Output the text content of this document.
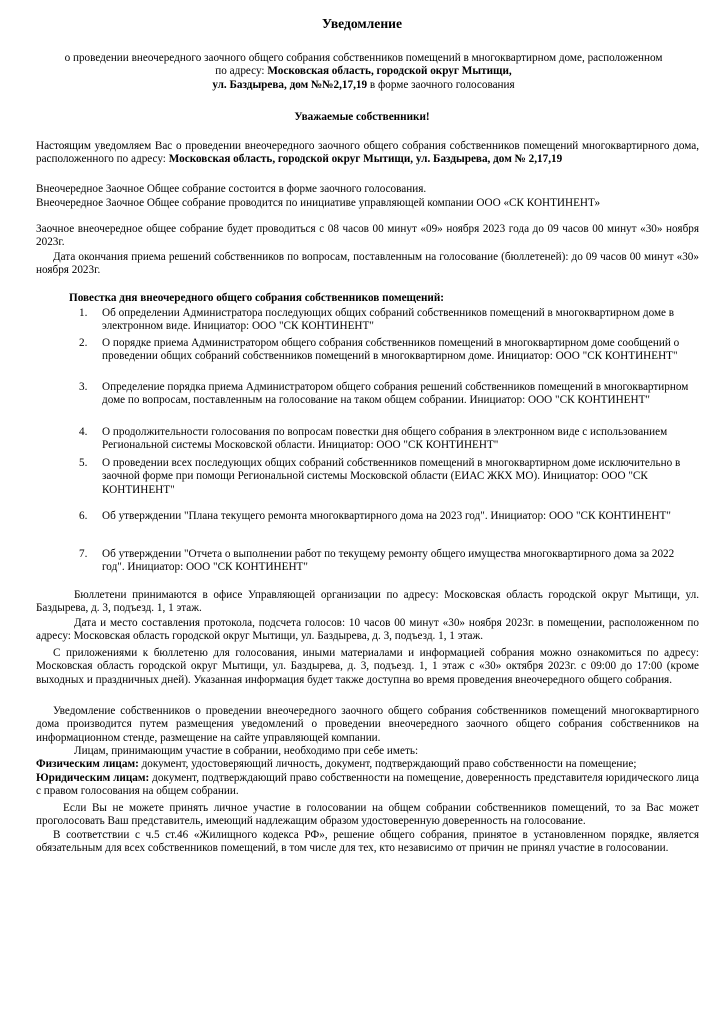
Уведомление
о проведении внеочередного заочного общего собрания собственников помещений в многоквартирном доме, расположенном
по адресу: Московская область, городской округ Мытищи,
ул. Баздырева, дом №№2,17,19 в форме заочного голосования
Уважаемые собственники!
Настоящим уведомляем Вас о проведении внеочередного заочного общего собрания собственников помещений многоквартирного дома, расположенного по адресу: Московская область, городской округ Мытищи, ул. Баздырева, дом № 2,17,19
Внеочередное Заочное Общее собрание состоится в форме заочного голосования.
Внеочередное Заочное Общее собрание проводится по инициативе управляющей компании ООО «СК КОНТИНЕНТ»
Заочное внеочередное общее собрание будет проводиться с 08 часов 00 минут «09» ноября 2023 года до 09 часов 00 минут «30» ноября 2023г.
Дата окончания приема решений собственников по вопросам, поставленным на голосование (бюллетеней): до 09 часов 00 минут «30» ноября 2023г.
Повестка дня внеочередного общего собрания собственников помещений:
1. Об определении Администратора последующих общих собраний собственников помещений в многоквартирном доме в электронном виде. Инициатор: ООО "СК КОНТИНЕНТ"
2. О порядке приема Администратором общего собрания собственников помещений в многоквартирном доме сообщений о проведении общих собраний собственников помещений в многоквартирном доме. Инициатор: ООО "СК КОНТИНЕНТ"
3. Определение порядка приема Администратором общего собрания решений собственников помещений в многоквартирном доме по вопросам, поставленным на голосование на таком общем собрании. Инициатор: ООО "СК КОНТИНЕНТ"
4. О продолжительности голосования по вопросам повестки дня общего собрания в электронном виде с использованием Региональной системы Московской области. Инициатор: ООО "СК КОНТИНЕНТ"
5. О проведении всех последующих общих собраний собственников помещений в многоквартирном доме исключительно в заочной форме при помощи Региональной системы Московской области (ЕИАС ЖКХ МО). Инициатор: ООО "СК КОНТИНЕНТ"
6. Об утверждении "Плана текущего ремонта многоквартирного дома на 2023 год". Инициатор: ООО "СК КОНТИНЕНТ"
7. Об утверждении "Отчета о выполнении работ по текущему ремонту общего имущества многоквартирного дома за 2022 год". Инициатор: ООО "СК КОНТИНЕНТ"
Бюллетени принимаются в офисе Управляющей организации по адресу: Московская область городской округ Мытищи, ул. Баздырева, д. 3, подъезд. 1, 1 этаж.
Дата и место составления протокола, подсчета голосов: 10 часов 00 минут «30» ноября 2023г. в помещении, расположенном по адресу: Московская область городской округ Мытищи, ул. Баздырева, д. 3, подъезд. 1, 1 этаж.
С приложениями к бюллетеню для голосования, иными материалами и информацией собрания можно ознакомиться по адресу: Московская область городской округ Мытищи, ул. Баздырева, д. 3, подъезд. 1, 1 этаж с «30» октября 2023г. с 09:00 до 17:00 (кроме выходных и праздничных дней). Указанная информация будет также доступна во время проведения внеочередного общего собрания.
Уведомление собственников о проведении внеочередного заочного общего собрания собственников помещений многоквартирного дома производится путем размещения уведомлений о проведении внеочередного заочного общего собрания собственников на информационном стенде, размещение на сайте управляющей компании.
Лицам, принимающим участие в собрании, необходимо при себе иметь:
Физическим лицам: документ, удостоверяющий личность, документ, подтверждающий право собственности на помещение;
Юридическим лицам: документ, подтверждающий право собственности на помещение, доверенность представителя юридического лица с правом голосования на общем собрании.
Если Вы не можете принять личное участие в голосовании на общем собрании собственников помещений, то за Вас может проголосовать Ваш представитель, имеющий надлежащим образом удостоверенную доверенность на голосование.
В соответствии с ч.5 ст.46 «Жилищного кодекса РФ», решение общего собрания, принятое в установленном порядке, является обязательным для всех собственников помещений, в том числе для тех, кто независимо от причин не принял участие в голосовании.
